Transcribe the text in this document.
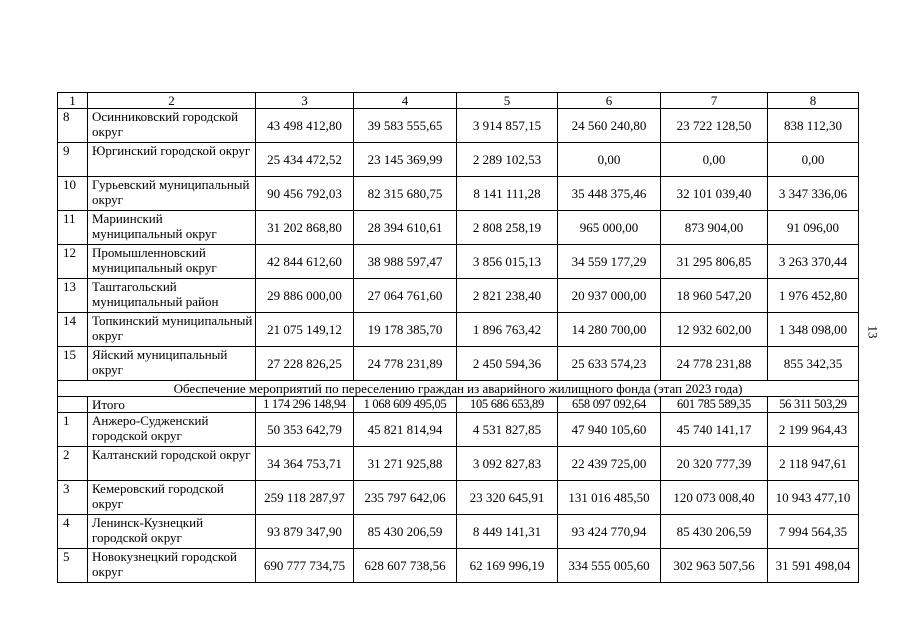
1	2	3	4	5	6	7	8
8	Осинниковский городской округ	43 498 412,80	39 583 555,65	3 914 857,15	24 560 240,80	23 722 128,50	838 112,30
9	Юргинский городской округ	25 434 472,52	23 145 369,99	2 289 102,53	0,00	0,00	0,00
10	Гурьевский муниципальный округ	90 456 792,03	82 315 680,75	8 141 111,28	35 448 375,46	32 101 039,40	3 347 336,06
11	Мариинский муниципальный округ	31 202 868,80	28 394 610,61	2 808 258,19	965 000,00	873 904,00	91 096,00
12	Промышленновский муниципальный округ	42 844 612,60	38 988 597,47	3 856 015,13	34 559 177,29	31 295 806,85	3 263 370,44
13	Таштагольский муниципальный район	29 886 000,00	27 064 761,60	2 821 238,40	20 937 000,00	18 960 547,20	1 976 452,80
14	Топкинский муниципальный округ	21 075 149,12	19 178 385,70	1 896 763,42	14 280 700,00	12 932 602,00	1 348 098,00
15	Яйский муниципальный округ	27 228 826,25	24 778 231,89	2 450 594,36	25 633 574,23	24 778 231,88	855 342,35
Обеспечение мероприятий по переселению граждан из аварийного жилищного фонда (этап 2023 года)							
	Итого	1 174 296 148,94	1 068 609 495,05	105 686 653,89	658 097 092,64	601 785 589,35	56 311 503,29
1	Анжеро-Судженский городской округ	50 353 642,79	45 821 814,94	4 531 827,85	47 940 105,60	45 740 141,17	2 199 964,43
2	Калтанский городской округ	34 364 753,71	31 271 925,88	3 092 827,83	22 439 725,00	20 320 777,39	2 118 947,61
3	Кемеровский городской округ	259 118 287,97	235 797 642,06	23 320 645,91	131 016 485,50	120 073 008,40	10 943 477,10
4	Ленинск-Кузнецкий городской округ	93 879 347,90	85 430 206,59	8 449 141,31	93 424 770,94	85 430 206,59	7 994 564,35
5	Новокузнецкий городской округ	690 777 734,75	628 607 738,56	62 169 996,19	334 555 005,60	302 963 507,56	31 591 498,04
13
